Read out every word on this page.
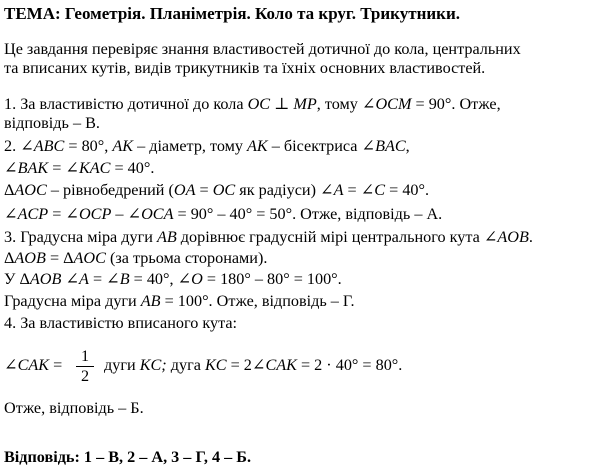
ТЕМА: Геометрія. Планіметрія. Коло та круг. Трикутники.
Це завдання перевіряє знання властивостей дотичної до кола, центральних
та вписаних кутів, видів трикутників та їхніх основних властивостей.
1. За властивістю дотичної до кола OC ⊥ MP, тому ∠OCM = 90°. Отже,
відповідь – В.
2. ∠ABC = 80°, AK – діаметр, тому AK – бісектриса ∠BAC,
∠BAK = ∠KAC = 40°.
ΔAOC – рівнобедрений (OA = OC як радіуси) ∠A = ∠C = 40°.
∠ACP = ∠OCP – ∠OCA = 90° – 40° = 50°. Отже, відповідь – А.
3. Градусна міра дуги AB дорівнює градусній мірі центрального кута ∠AOB.
ΔAOB = ΔAOC (за трьома сторонами).
У ΔAOB ∠A = ∠B = 40°, ∠O = 180° – 80° = 100°.
Градусна міра дуги AB = 100°. Отже, відповідь – Г.
4. За властивістю вписаного кута:
∠CAK =	1
2
дуги KC; дуга KC = 2∠CAK = 2 · 40° = 80°.
Отже, відповідь – Б.
Відповідь: 1 – В, 2 – А, 3 – Г, 4 – Б.
